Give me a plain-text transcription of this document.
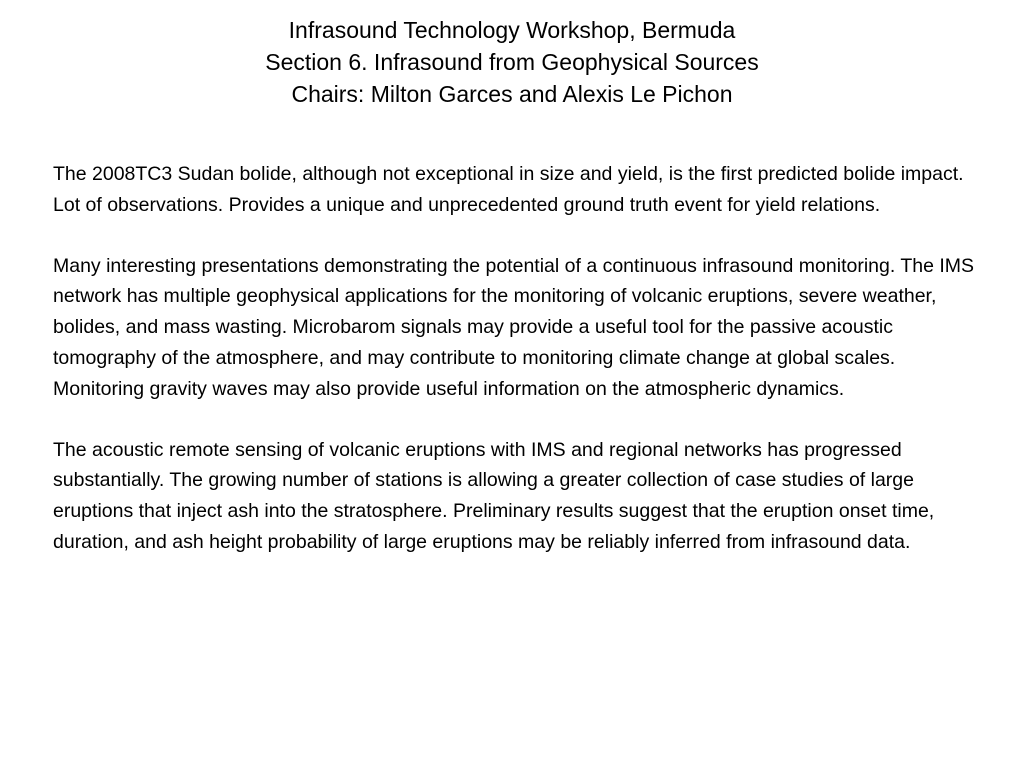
Infrasound Technology Workshop, Bermuda
Section 6. Infrasound from Geophysical Sources
Chairs: Milton Garces and Alexis Le Pichon

The 2008TC3 Sudan bolide, although not exceptional in size and yield, is the first predicted bolide impact. Lot of observations. Provides a unique and unprecedented ground truth event for yield relations.

Many interesting presentations demonstrating the potential of a continuous infrasound monitoring. The IMS network has multiple geophysical applications for the monitoring of volcanic eruptions, severe weather, bolides, and mass wasting. Microbarom signals may provide a useful tool for the passive acoustic tomography of the atmosphere, and may contribute to monitoring climate change at global scales. Monitoring gravity waves may also provide useful information on the atmospheric dynamics.

The acoustic remote sensing of volcanic eruptions with IMS and regional networks has progressed substantially. The growing number of stations is allowing a greater collection of case studies of large eruptions that inject ash into the stratosphere. Preliminary results suggest that the eruption onset time, duration, and ash height probability of large eruptions may be reliably inferred from infrasound data.
